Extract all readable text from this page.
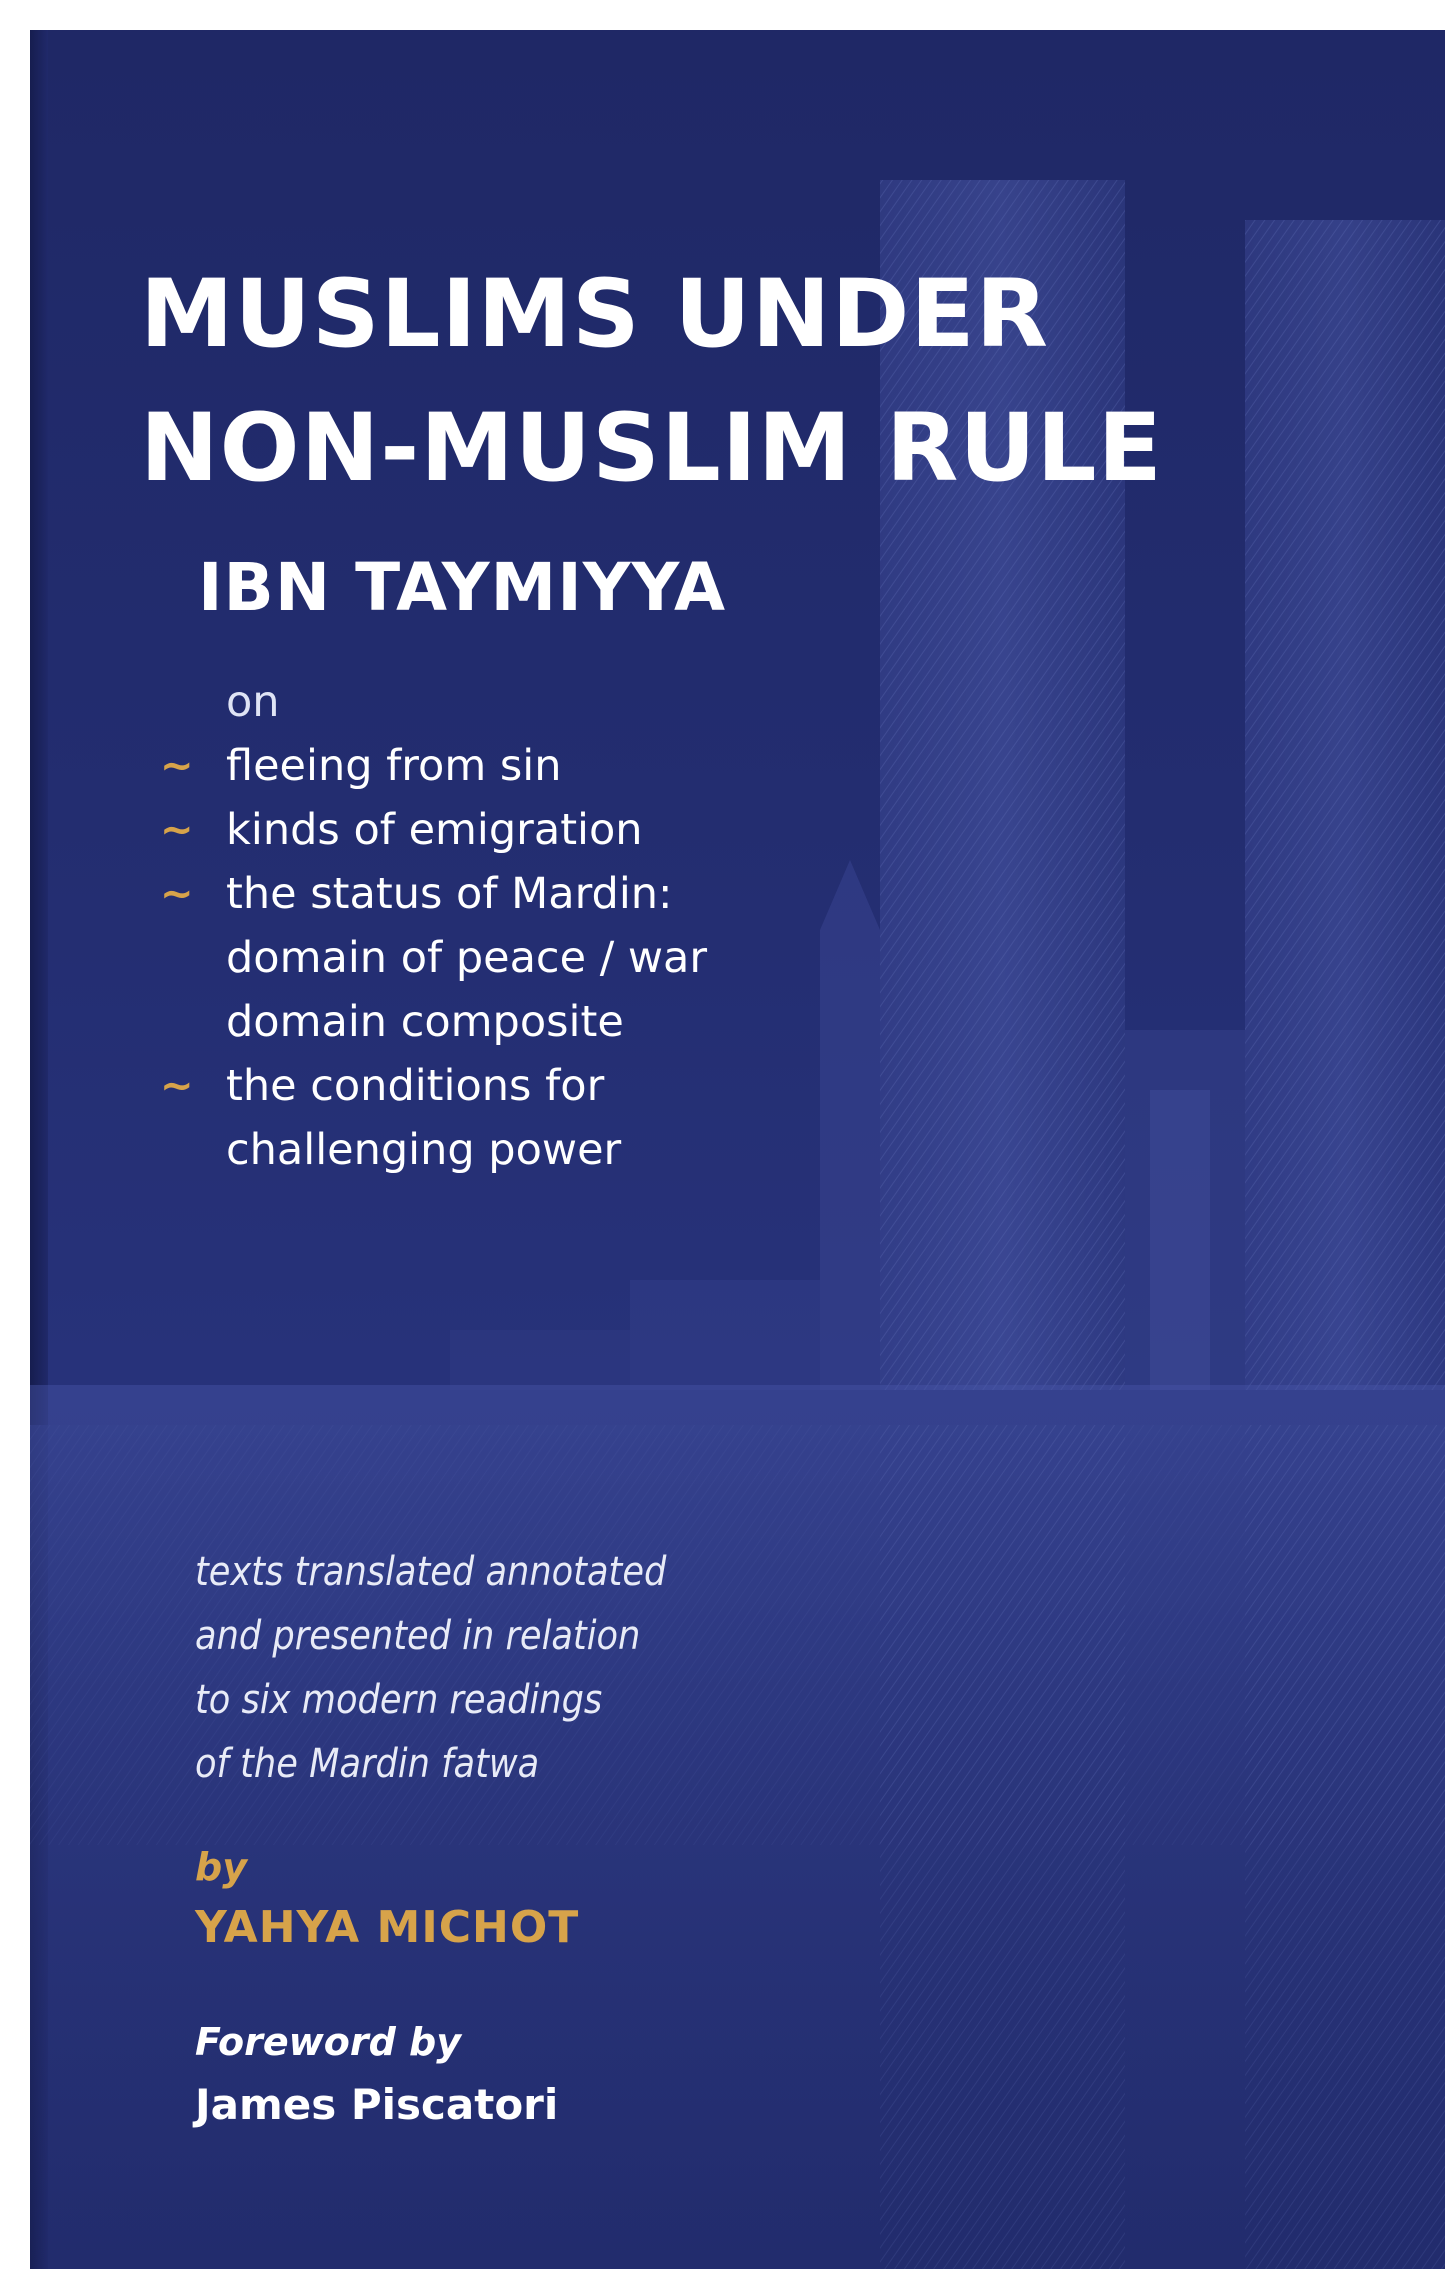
MUSLIMS UNDER
NON-MUSLIM RULE
IBN TAYMIYYA
on
~ fleeing from sin
~ kinds of emigration
~ the status of Mardin:
domain of peace / war
domain composite
~ the conditions for
challenging power
texts translated annotated
and presented in relation
to six modern readings
of the Mardin fatwa
by
YAHYA MICHOT
Foreword by
James Piscatori
